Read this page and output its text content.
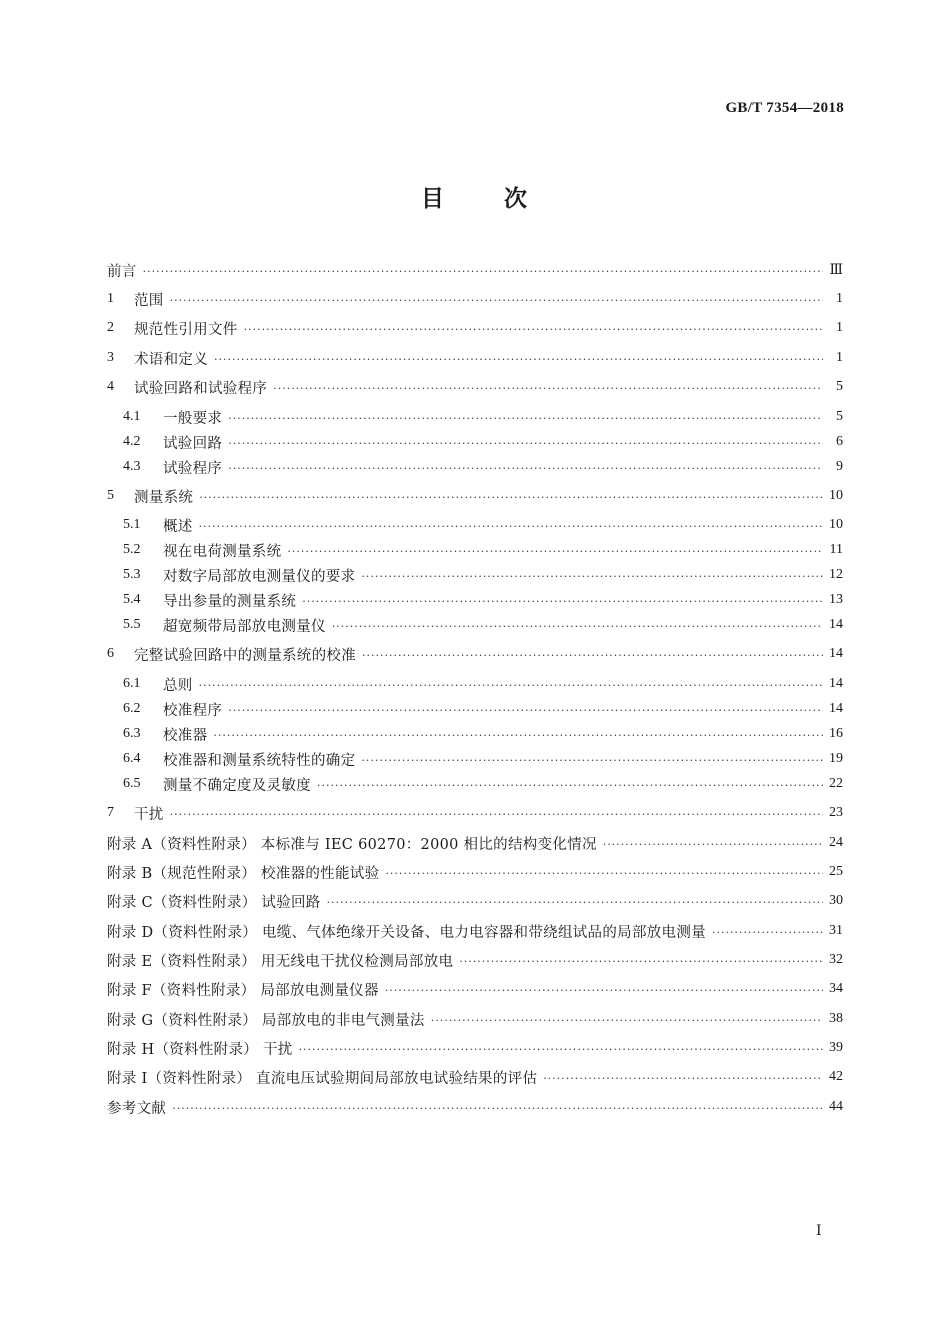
GB/T 7354—2018
目 次
前言 ·····	Ⅲ
1	范围 ·····	1
2	规范性引用文件 ·····	1
3	术语和定义 ·····	1
4	试验回路和试验程序 ·····	5
4.1	一般要求 ·····	5
4.2	试验回路 ·····	6
4.3	试验程序 ·····	9
5	测量系统 ·····	10
5.1	概述 ·····	10
5.2	视在电荷测量系统 ·····	11
5.3	对数字局部放电测量仪的要求 ·····	12
5.4	导出参量的测量系统 ·····	13
5.5	超宽频带局部放电测量仪 ·····	14
6	完整试验回路中的测量系统的校准 ·····	14
6.1	总则 ·····	14
6.2	校准程序 ·····	14
6.3	校准器 ·····	16
6.4	校准器和测量系统特性的确定 ·····	19
6.5	测量不确定度及灵敏度 ·····	22
7	干扰 ·····	23
附录 A（资料性附录） 本标准与 IEC 60270：2000 相比的结构变化情况 ·····	24
附录 B（规范性附录） 校准器的性能试验 ·····	25
附录 C（资料性附录） 试验回路 ·····	30
附录 D（资料性附录） 电缆、气体绝缘开关设备、电力电容器和带绕组试品的局部放电测量 ·····	31
附录 E（资料性附录） 用无线电干扰仪检测局部放电 ·····	32
附录 F（资料性附录） 局部放电测量仪器 ·····	34
附录 G（资料性附录） 局部放电的非电气测量法 ·····	38
附录 H（资料性附录） 干扰 ·····	39
附录 I（资料性附录） 直流电压试验期间局部放电试验结果的评估 ·····	42
参考文献 ·····	44
Ⅰ
